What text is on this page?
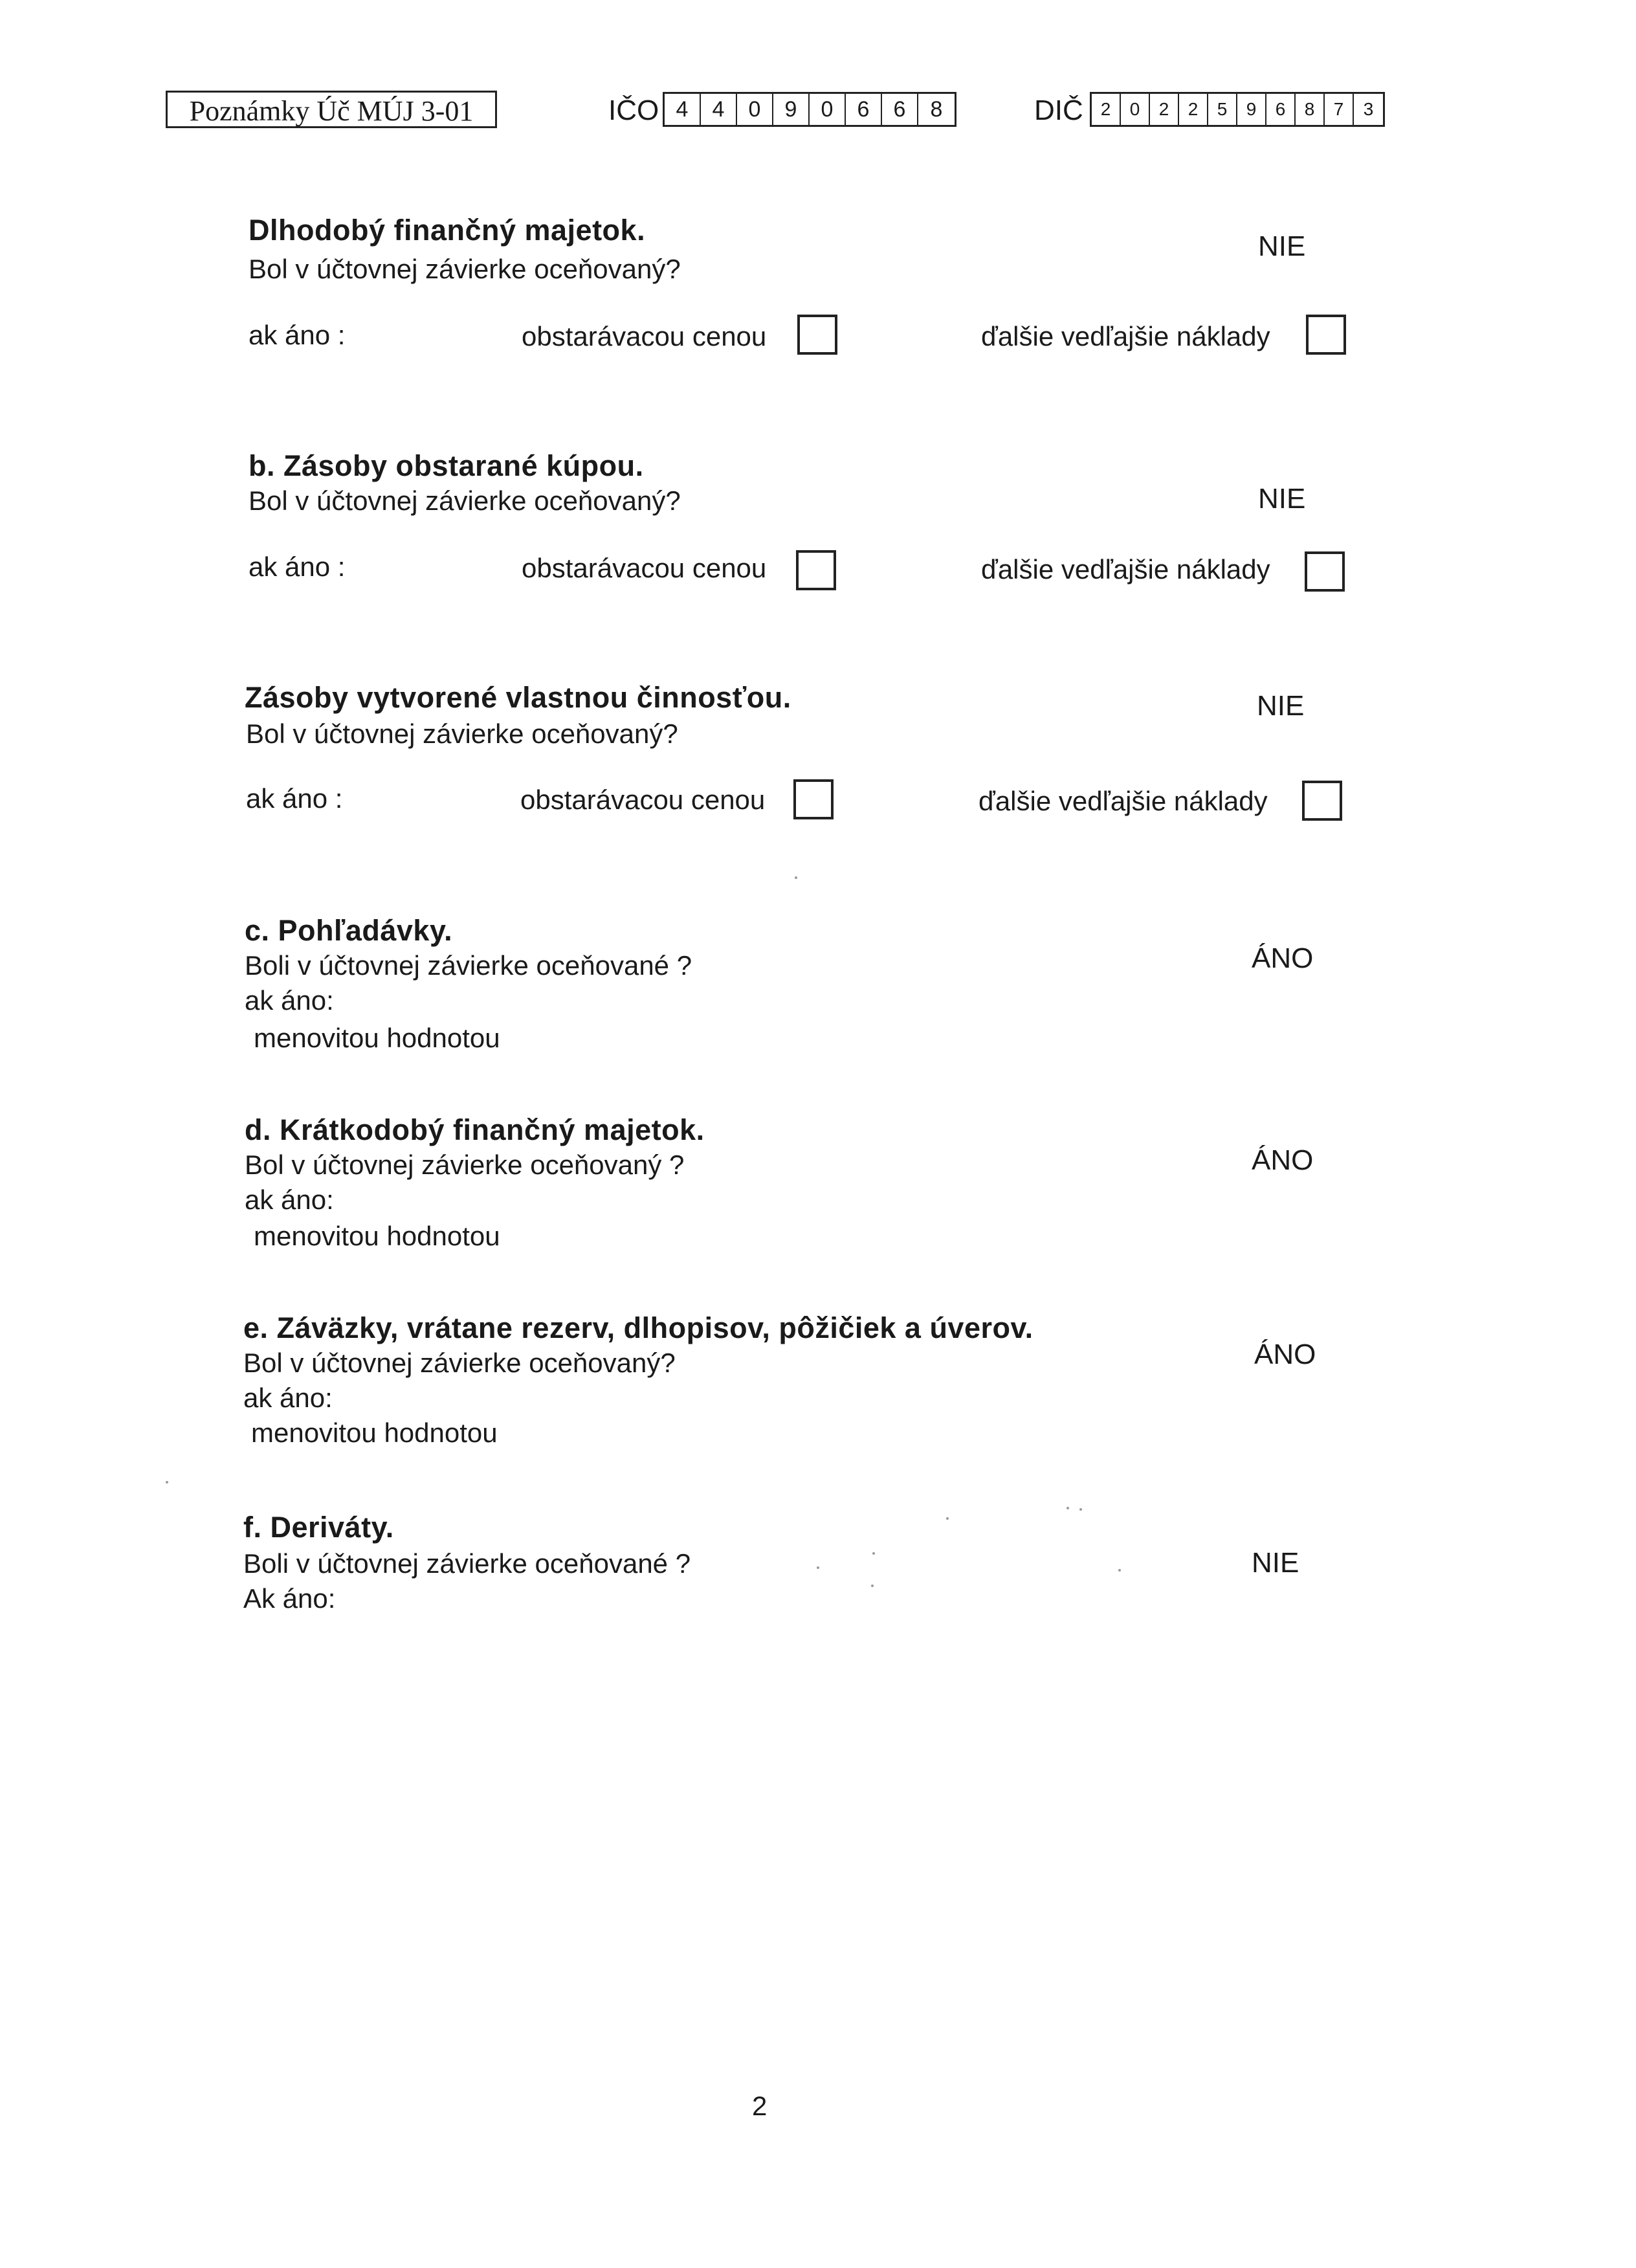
Poznámky Úč MÚJ 3-01	IČO 4	4	0	9	0	6	6	8	DIČ 2	0	2	2	5	9	6	8	7	3
Dlhodobý finančný majetok.
Bol v účtovnej závierke oceňovaný?
NIE
ak áno :	obstarávacou cenou	ďalšie vedľajšie náklady
b. Zásoby obstarané kúpou.
Bol v účtovnej závierke oceňovaný?	NIE
ak áno :	obstarávacou cenou	ďalšie vedľajšie náklady
Zásoby vytvorené vlastnou činnosťou.
Bol v účtovnej závierke oceňovaný?
NIE
ak áno :	obstarávacou cenou	ďalšie vedľajšie náklady
c. Pohľadávky.
Boli v účtovnej závierke oceňované ?	ÁNO
ak áno:
menovitou hodnotou
d. Krátkodobý finančný majetok.
Bol v účtovnej závierke oceňovaný ?	ÁNO
ak áno:
menovitou hodnotou
e. Záväzky, vrátane rezerv, dlhopisov, pôžičiek a úverov.
Bol v účtovnej závierke oceňovaný?	ÁNO
ak áno:
menovitou hodnotou
f. Deriváty.
Boli v účtovnej závierke oceňované ?	NIE
Ak áno:
2
